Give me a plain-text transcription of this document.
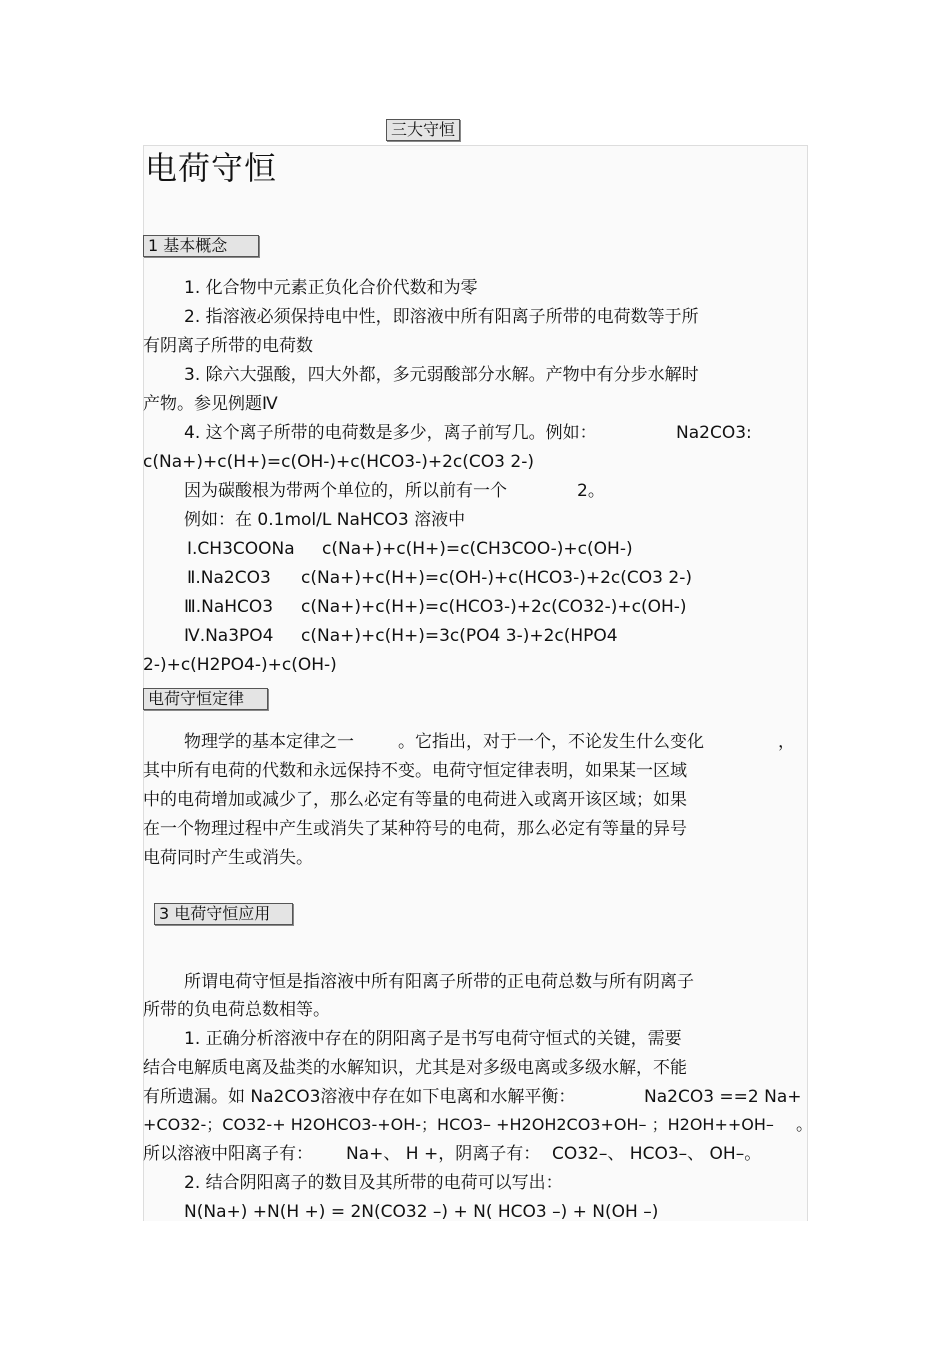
三大守恒
电荷守恒
1 基本概念
1. 化合物中元素正负化合价代数和为零
2. 指溶液必须保持电中性，即溶液中所有阳离子所带的电荷数等于所
有阴离子所带的电荷数
3. 除六大强酸，四大外都，多元弱酸部分水解。产物中有分步水解时
产物。参见例题Ⅳ
4. 这个离子所带的电荷数是多少，离子前写几。例如：	Na2CO3:
c(Na+)+c(H+)=c(OH-)+c(HCO3-)+2c(CO3 2-)
因为碳酸根为带两个单位的，所以前有一个	2。
例如：在 0.1mol/L NaHCO3 溶液中
Ⅰ.CH3COONa c(Na+)+c(H+)=c(CH3COO-)+c(OH-)
Ⅱ.Na2CO3 c(Na+)+c(H+)=c(OH-)+c(HCO3-)+2c(CO3 2-)
Ⅲ.NaHCO3 c(Na+)+c(H+)=c(HCO3-)+2c(CO32-)+c(OH-)
Ⅳ.Na3PO4 c(Na+)+c(H+)=3c(PO4 3-)+2c(HPO4
2-)+c(H2PO4-)+c(OH-)
电荷守恒定律
物理学的基本定律之一	。它指出，对于一个，不论发生什么变化	，
其中所有电荷的代数和永远保持不变。电荷守恒定律表明，如果某一区域
中的电荷增加或减少了，那么必定有等量的电荷进入或离开该区域；如果
在一个物理过程中产生或消失了某种符号的电荷，那么必定有等量的异号
电荷同时产生或消失。
3 电荷守恒应用
所谓电荷守恒是指溶液中所有阳离子所带的正电荷总数与所有阴离子
所带的负电荷总数相等。
1. 正确分析溶液中存在的阴阳离子是书写电荷守恒式的关键，需要
结合电解质电离及盐类的水解知识，尤其是对多级电离或多级水解，不能
有所遗漏。如 Na2CO3溶液中存在如下电离和水解平衡：	Na2CO3 ==2 Na+
+CO32-；CO32-+ H2OHCO3-+OH-；HCO3– +H2OH2CO3+OH– ；H2OH++OH– 。
所以溶液中阳离子有： Na+、 H +，阴离子有： CO32–、 HCO3–、 OH–。
2. 结合阴阳离子的数目及其所带的电荷可以写出：
N(Na+) +N(H +) = 2N(CO32 –) + N( HCO3 –) + N(OH –)
